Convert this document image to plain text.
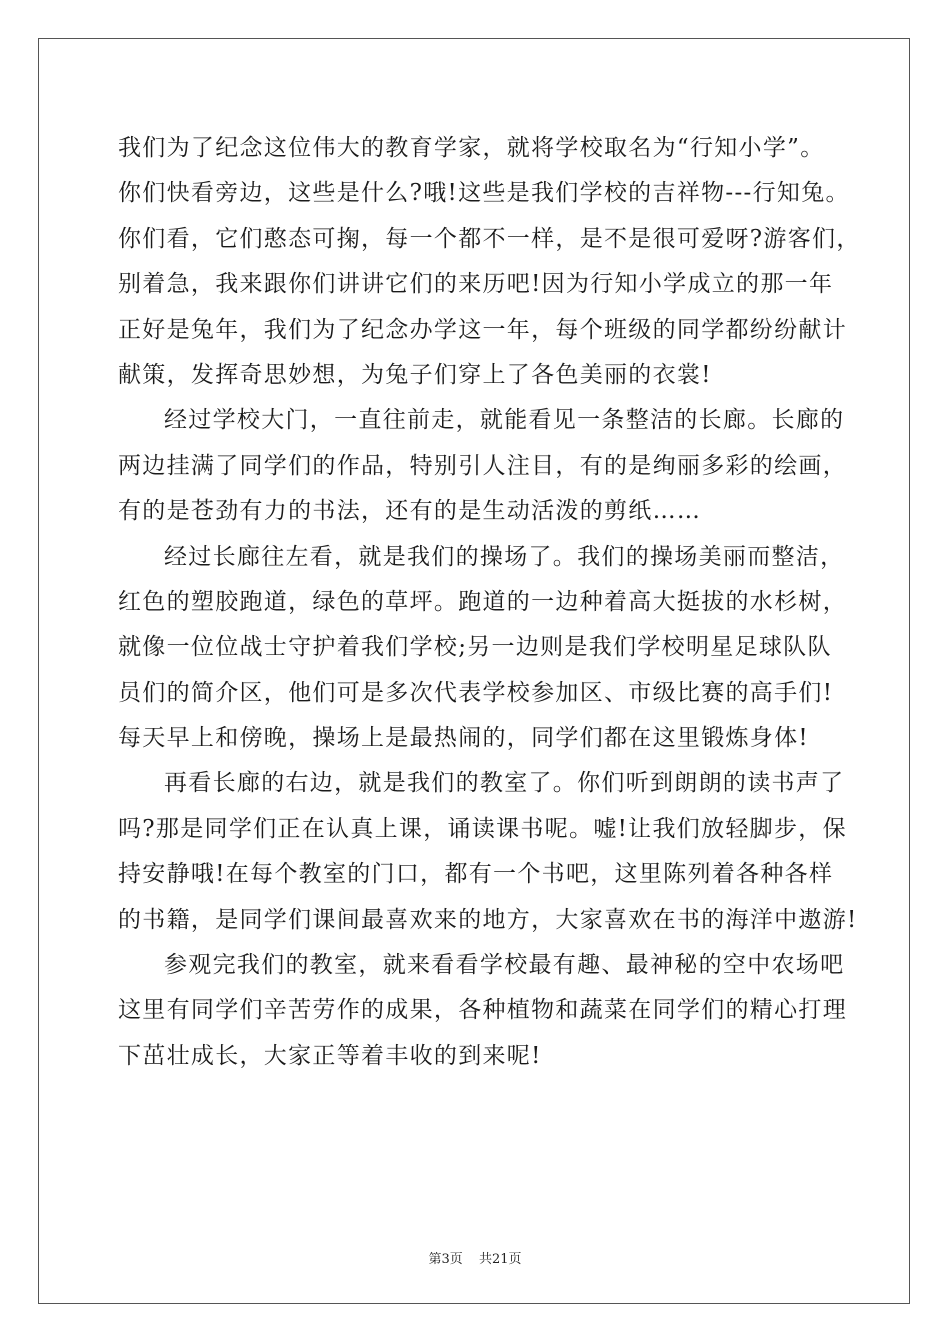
我们为了纪念这位伟大的教育学家，就将学校取名为“行知小学”。
你们快看旁边，这些是什么?哦!这些是我们学校的吉祥物---行知兔。
你们看，它们憨态可掬，每一个都不一样，是不是很可爱呀?游客们，
别着急，我来跟你们讲讲它们的来历吧!因为行知小学成立的那一年
正好是兔年，我们为了纪念办学这一年，每个班级的同学都纷纷献计
献策，发挥奇思妙想，为兔子们穿上了各色美丽的衣裳!
经过学校大门，一直往前走，就能看见一条整洁的长廊。长廊的
两边挂满了同学们的作品，特别引人注目，有的是绚丽多彩的绘画，
有的是苍劲有力的书法，还有的是生动活泼的剪纸……
经过长廊往左看，就是我们的操场了。我们的操场美丽而整洁，
红色的塑胶跑道，绿色的草坪。跑道的一边种着高大挺拔的水杉树，
就像一位位战士守护着我们学校;另一边则是我们学校明星足球队队
员们的简介区，他们可是多次代表学校参加区、市级比赛的高手们!
每天早上和傍晚，操场上是最热闹的，同学们都在这里锻炼身体!
再看长廊的右边，就是我们的教室了。你们听到朗朗的读书声了
吗?那是同学们正在认真上课，诵读课书呢。嘘!让我们放轻脚步，保
持安静哦!在每个教室的门口，都有一个书吧，这里陈列着各种各样
的书籍，是同学们课间最喜欢来的地方，大家喜欢在书的海洋中遨游!
参观完我们的教室，就来看看学校最有趣、最神秘的空中农场吧
这里有同学们辛苦劳作的成果，各种植物和蔬菜在同学们的精心打理
下茁壮成长，大家正等着丰收的到来呢!
第3页 共21页
